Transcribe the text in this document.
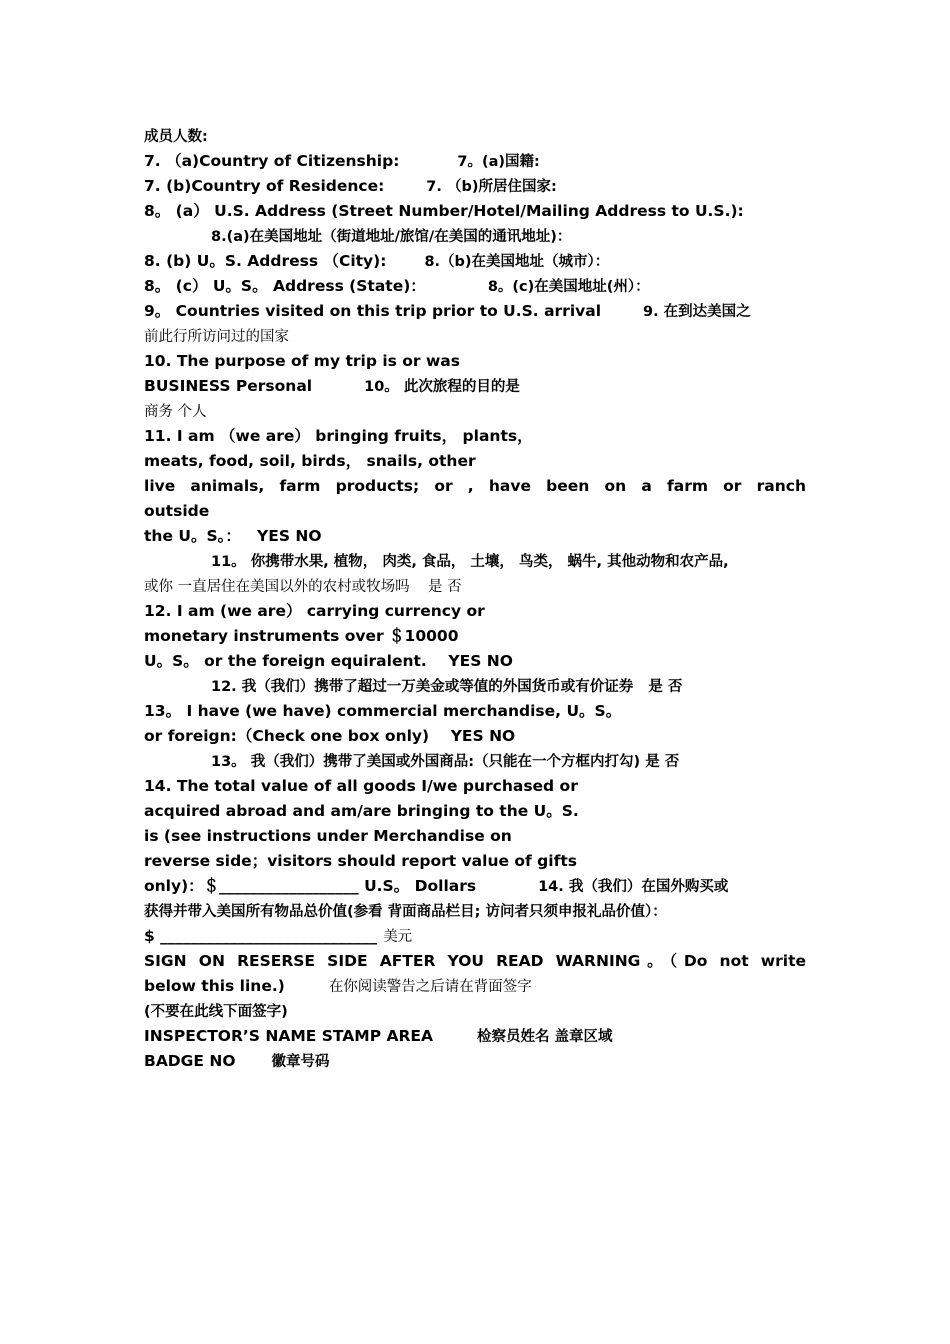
成员人数:
7. （a)Country of Citizenship:	7。(a)国籍:
7. (b)Country of Residence:	7. （b)所居住国家:
8。 (a） U.S. Address (Street Number/Hotel/Mailing Address to U.S.):
8.(a)在美国地址（街道地址/旅馆/在美国的通讯地址)：
8. (b) U。S. Address （City):	8.（b)在美国地址（城市）：
8。 (c） U。S。 Address (State)：	8。(c)在美国地址(州）：
9。 Countries visited on this trip prior to U.S. arrival	9. 在到达美国之
前此行所访问过的国家
10. The purpose of my trip is or was
BUSINESS Personal	10。 此次旅程的目的是
商务 个人
11. I am （we are） bringing fruits， plants，
meats, food, soil, birds， snails, other
live animals, farm products; or , have been on a farm or ranch
outside
the U。S。：   YES NO
11。 你携带水果, 植物， 肉类, 食品， 土壤， 鸟类， 蜗牛, 其他动物和农产品,
或你 一直居住在美国以外的农村或牧场吗    是 否
12. I am (we are） carrying currency or
monetary instruments over ＄10000
U。S。 or the foreign equiralent.    YES NO
12. 我（我们）携带了超过一万美金或等值的外国货币或有价证券   是 否
13。 I have (we have) commercial merchandise, U。S。
or foreign:（Check one box only)    YES NO
13。 我（我们）携带了美国或外国商品:（只能在一个方框内打勾) 是 否
14. The total value of all goods I/we purchased or
acquired abroad and am/are bringing to the U。S.
is (see instructions under Merchandise on
reverse side；visitors should report value of gifts
only)：＄__________________ U.S。 Dollars	14. 我（我们）在国外购买或
获得并带入美国所有物品总价值(参看 背面商品栏目; 访问者只须申报礼品价值）：
$ ____________________________ 美元
SIGN ON RESERSE SIDE AFTER YOU READ WARNING。（Do not write
below this line.)	在你阅读警告之后请在背面签字
(不要在此线下面签字)
INSPECTOR’S NAME STAMP AREA	检察员姓名 盖章区域
BADGE NO 徽章号码
